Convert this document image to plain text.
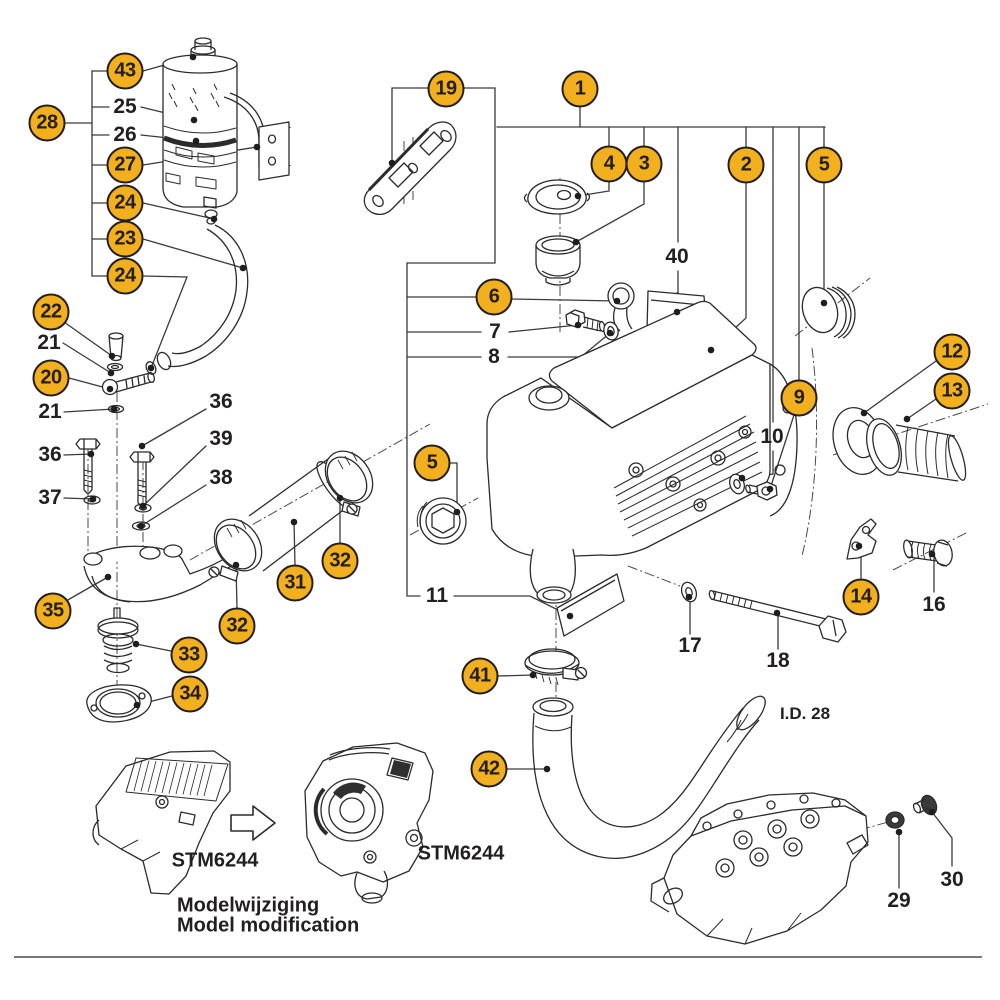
43
28
27
24
23
24
22
20
35
33
34
32
31
32
19	1
4	3	2	5
6
5
12
13
9
14
41
42
25
26
21
21	36
39
38
36
37
7
8
40
10
11
17
18
16
29
30
STM6244	STM6244
Modelwijziging
Model modification
I.D. 28
